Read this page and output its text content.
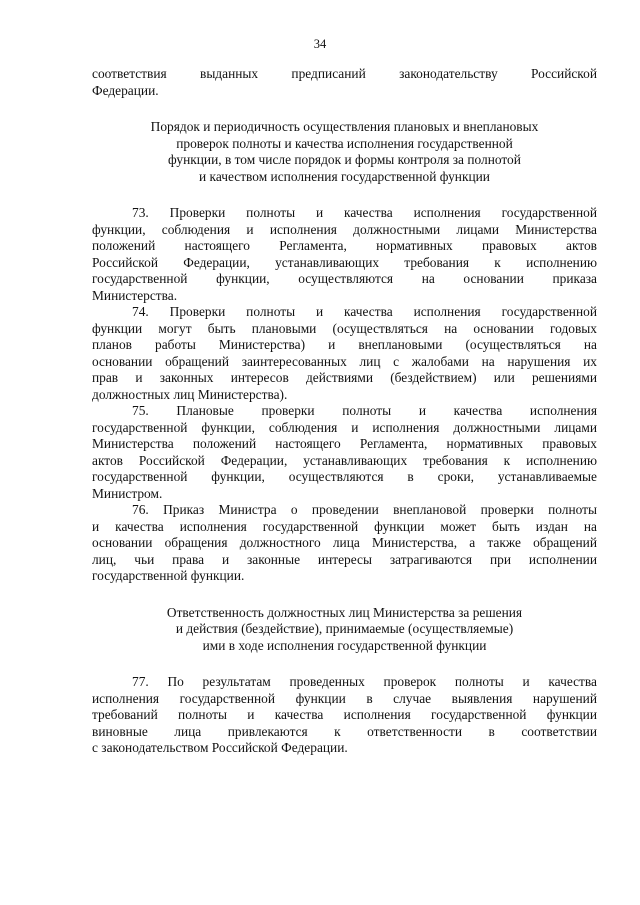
34
соответствия выданных предписаний законодательству Российской
Федерации.
Порядок и периодичность осуществления плановых и внеплановых
проверок полноты и качества исполнения государственной
функции, в том числе порядок и формы контроля за полнотой
и качеством исполнения государственной функции
73. Проверки полноты и качества исполнения государственной
функции, соблюдения и исполнения должностными лицами Министерства
положений настоящего Регламента, нормативных правовых актов
Российской Федерации, устанавливающих требования к исполнению
государственной функции, осуществляются на основании приказа
Министерства.
74. Проверки полноты и качества исполнения государственной
функции могут быть плановыми (осуществляться на основании годовых
планов работы Министерства) и внеплановыми (осуществляться на
основании обращений заинтересованных лиц с жалобами на нарушения их
прав и законных интересов действиями (бездействием) или решениями
должностных лиц Министерства).
75. Плановые проверки полноты и качества исполнения
государственной функции, соблюдения и исполнения должностными лицами
Министерства положений настоящего Регламента, нормативных правовых
актов Российской Федерации, устанавливающих требования к исполнению
государственной функции, осуществляются в сроки, устанавливаемые
Министром.
76. Приказ Министра о проведении внеплановой проверки полноты
и качества исполнения государственной функции может быть издан на
основании обращения должностного лица Министерства, а также обращений
лиц, чьи права и законные интересы затрагиваются при исполнении
государственной функции.
Ответственность должностных лиц Министерства за решения
и действия (бездействие), принимаемые (осуществляемые)
ими в ходе исполнения государственной функции
77. По результатам проведенных проверок полноты и качества
исполнения государственной функции в случае выявления нарушений
требований полноты и качества исполнения государственной функции
виновные лица привлекаются к ответственности в соответствии
с законодательством Российской Федерации.
